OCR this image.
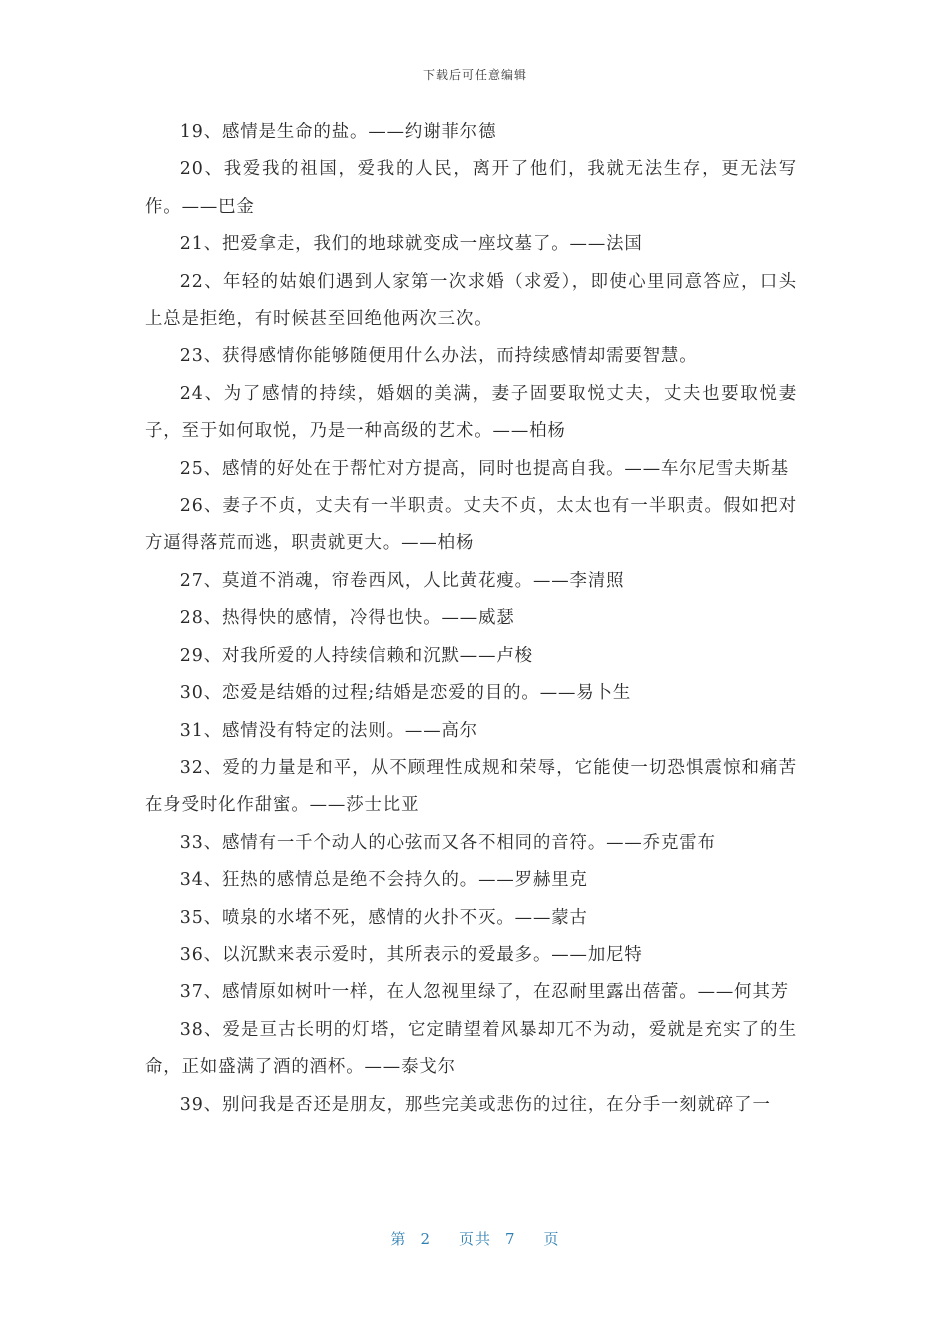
下载后可任意编辑

19、感情是生命的盐。——约谢菲尔德

20、我爱我的祖国，爱我的人民，离开了他们，我就无法生存，更无法写作。——巴金

21、把爱拿走，我们的地球就变成一座坟墓了。——法国

22、年轻的姑娘们遇到人家第一次求婚（求爱），即使心里同意答应，口头上总是拒绝，有时候甚至回绝他两次三次。

23、获得感情你能够随便用什么办法，而持续感情却需要智慧。

24、为了感情的持续，婚姻的美满，妻子固要取悦丈夫，丈夫也要取悦妻子，至于如何取悦，乃是一种高级的艺术。——柏杨

25、感情的好处在于帮忙对方提高，同时也提高自我。——车尔尼雪夫斯基

26、妻子不贞，丈夫有一半职责。丈夫不贞，太太也有一半职责。假如把对方逼得落荒而逃，职责就更大。——柏杨

27、莫道不消魂，帘卷西风，人比黄花瘦。——李清照

28、热得快的感情，冷得也快。——威瑟

29、对我所爱的人持续信赖和沉默——卢梭

30、恋爱是结婚的过程;结婚是恋爱的目的。——易卜生

31、感情没有特定的法则。——高尔

32、爱的力量是和平，从不顾理性成规和荣辱，它能使一切恐惧震惊和痛苦在身受时化作甜蜜。——莎士比亚

33、感情有一千个动人的心弦而又各不相同的音符。——乔克雷布

34、狂热的感情总是绝不会持久的。——罗赫里克

35、喷泉的水堵不死，感情的火扑不灭。——蒙古

36、以沉默来表示爱时，其所表示的爱最多。——加尼特

37、感情原如树叶一样，在人忽视里绿了，在忍耐里露出蓓蕾。——何其芳

38、爱是亘古长明的灯塔，它定睛望着风暴却兀不为动，爱就是充实了的生命，正如盛满了酒的酒杯。——泰戈尔

39、别问我是否还是朋友，那些完美或悲伤的过往，在分手一刻就碎了一

第 2 页共 7 页
